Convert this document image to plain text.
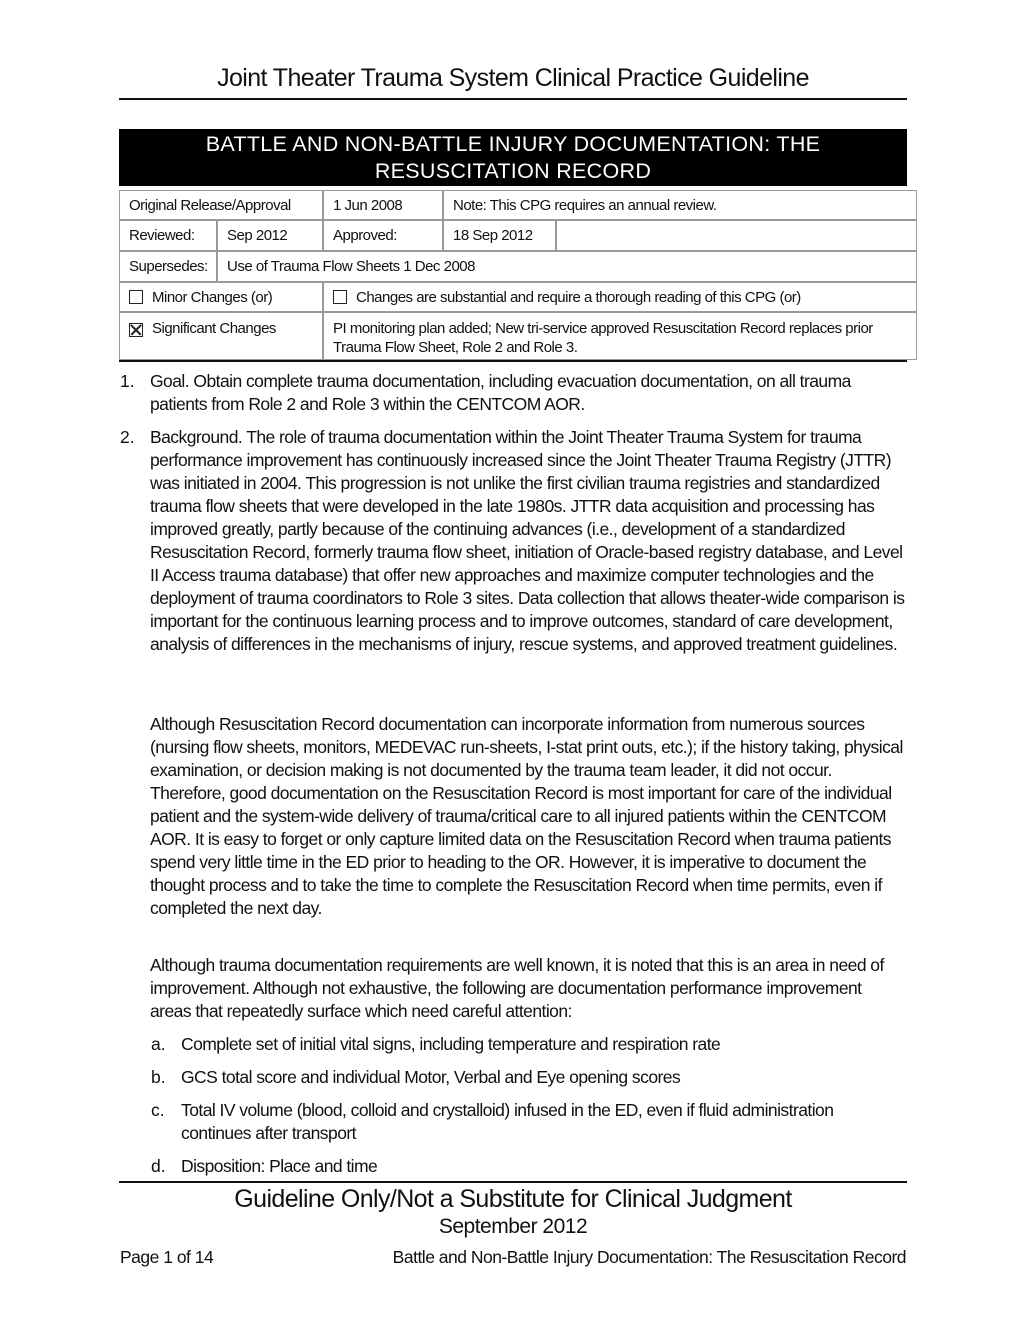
Joint Theater Trauma System Clinical Practice Guideline
BATTLE AND NON-BATTLE INJURY DOCUMENTATION: THE
RESUSCITATION RECORD
Original Release/Approval	1 Jun 2008	Note: This CPG requires an annual review.
Reviewed:	Sep 2012	Approved:	18 Sep 2012
Supersedes:	Use of Trauma Flow Sheets 1 Dec 2008
Minor Changes (or)	Changes are substantial and require a thorough reading of this CPG (or)
Significant Changes	PI monitoring plan added; New tri-service approved Resuscitation Record replaces prior Trauma Flow Sheet, Role 2 and Role 3.
1. Goal. Obtain complete trauma documentation, including evacuation documentation, on all trauma patients from Role 2 and Role 3 within the CENTCOM AOR.
2. Background. The role of trauma documentation within the Joint Theater Trauma System for trauma performance improvement has continuously increased since the Joint Theater Trauma Registry (JTTR) was initiated in 2004. This progression is not unlike the first civilian trauma registries and standardized trauma flow sheets that were developed in the late 1980s. JTTR data acquisition and processing has improved greatly, partly because of the continuing advances (i.e., development of a standardized Resuscitation Record, formerly trauma flow sheet, initiation of Oracle-based registry database, and Level II Access trauma database) that offer new approaches and maximize computer technologies and the deployment of trauma coordinators to Role 3 sites. Data collection that allows theater-wide comparison is important for the continuous learning process and to improve outcomes, standard of care development, analysis of differences in the mechanisms of injury, rescue systems, and approved treatment guidelines.
Although Resuscitation Record documentation can incorporate information from numerous sources (nursing flow sheets, monitors, MEDEVAC run-sheets, I-stat print outs, etc.); if the history taking, physical examination, or decision making is not documented by the trauma team leader, it did not occur. Therefore, good documentation on the Resuscitation Record is most important for care of the individual patient and the system-wide delivery of trauma/critical care to all injured patients within the CENTCOM AOR. It is easy to forget or only capture limited data on the Resuscitation Record when trauma patients spend very little time in the ED prior to heading to the OR. However, it is imperative to document the thought process and to take the time to complete the Resuscitation Record when time permits, even if completed the next day.
Although trauma documentation requirements are well known, it is noted that this is an area in need of improvement. Although not exhaustive, the following are documentation performance improvement areas that repeatedly surface which need careful attention:
a. Complete set of initial vital signs, including temperature and respiration rate
b. GCS total score and individual Motor, Verbal and Eye opening scores
c. Total IV volume (blood, colloid and crystalloid) infused in the ED, even if fluid administration continues after transport
d. Disposition: Place and time
Guideline Only/Not a Substitute for Clinical Judgment
September 2012
Page 1 of 14	Battle and Non-Battle Injury Documentation: The Resuscitation Record
